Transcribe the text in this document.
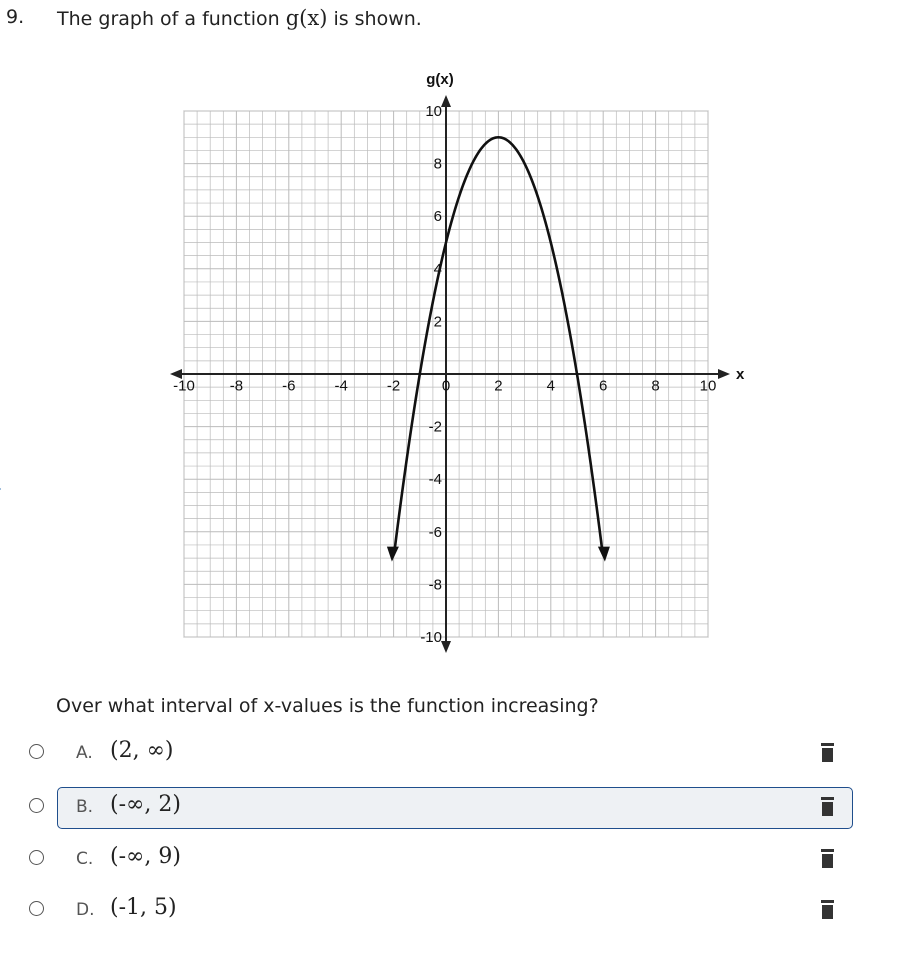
9. The graph of a function g(x) is shown.
-10 -8	-6	-4	-2	0	2	4	6	8	10
10
8
6
4
2
-2
-4
-6
-8
-10
g(x)
x
Over what interval of x-values is the function increasing?
A. (2, ∞)
B. (-∞, 2)
C. (-∞, 9)
D. (-1, 5)
